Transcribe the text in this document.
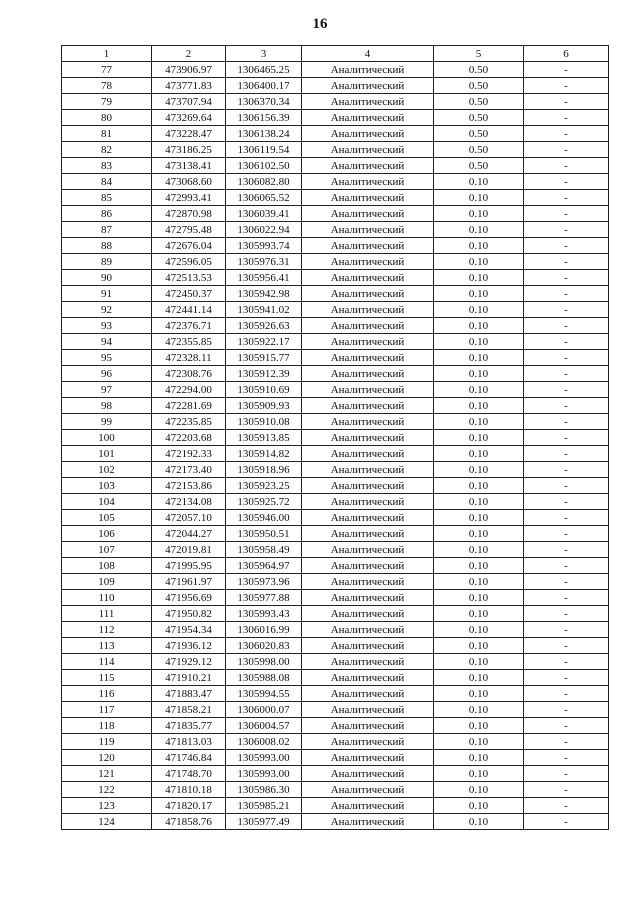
16
1	2	3	4	5	6
77	473906.97	1306465.25	Аналитический	0.50	-
78	473771.83	1306400.17	Аналитический	0.50	-
79	473707.94	1306370.34	Аналитический	0.50	-
80	473269.64	1306156.39	Аналитический	0.50	-
81	473228.47	1306138.24	Аналитический	0.50	-
82	473186.25	1306119.54	Аналитический	0.50	-
83	473138.41	1306102.50	Аналитический	0.50	-
84	473068.60	1306082.80	Аналитический	0.10	-
85	472993.41	1306065.52	Аналитический	0.10	-
86	472870.98	1306039.41	Аналитический	0.10	-
87	472795.48	1306022.94	Аналитический	0.10	-
88	472676.04	1305993.74	Аналитический	0.10	-
89	472596.05	1305976.31	Аналитический	0.10	-
90	472513.53	1305956.41	Аналитический	0.10	-
91	472450.37	1305942.98	Аналитический	0.10	-
92	472441.14	1305941.02	Аналитический	0.10	-
93	472376.71	1305926.63	Аналитический	0.10	-
94	472355.85	1305922.17	Аналитический	0.10	-
95	472328.11	1305915.77	Аналитический	0.10	-
96	472308.76	1305912.39	Аналитический	0.10	-
97	472294.00	1305910.69	Аналитический	0.10	-
98	472281.69	1305909.93	Аналитический	0.10	-
99	472235.85	1305910.08	Аналитический	0.10	-
100	472203.68	1305913.85	Аналитический	0.10	-
101	472192.33	1305914.82	Аналитический	0.10	-
102	472173.40	1305918.96	Аналитический	0.10	-
103	472153.86	1305923.25	Аналитический	0.10	-
104	472134.08	1305925.72	Аналитический	0.10	-
105	472057.10	1305946.00	Аналитический	0.10	-
106	472044.27	1305950.51	Аналитический	0.10	-
107	472019.81	1305958.49	Аналитический	0.10	-
108	471995.95	1305964.97	Аналитический	0.10	-
109	471961.97	1305973.96	Аналитический	0.10	-
110	471956.69	1305977.88	Аналитический	0.10	-
111	471950.82	1305993.43	Аналитический	0.10	-
112	471954.34	1306016.99	Аналитический	0.10	-
113	471936.12	1306020.83	Аналитический	0.10	-
114	471929.12	1305998.00	Аналитический	0.10	-
115	471910.21	1305988.08	Аналитический	0.10	-
116	471883.47	1305994.55	Аналитический	0.10	-
117	471858.21	1306000.07	Аналитический	0.10	-
118	471835.77	1306004.57	Аналитический	0.10	-
119	471813.03	1306008.02	Аналитический	0.10	-
120	471746.84	1305993.00	Аналитический	0.10	-
121	471748.70	1305993.00	Аналитический	0.10	-
122	471810.18	1305986.30	Аналитический	0.10	-
123	471820.17	1305985.21	Аналитический	0.10	-
124	471858.76	1305977.49	Аналитический	0.10	-
